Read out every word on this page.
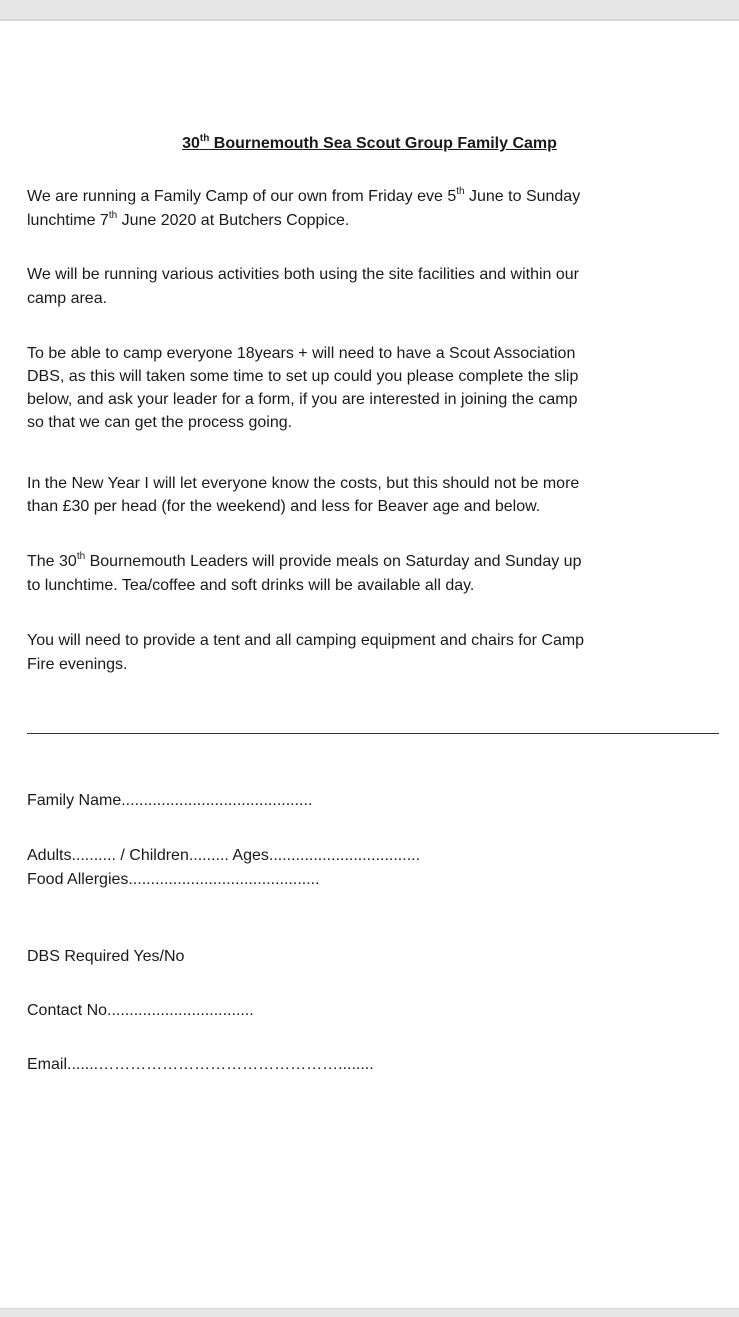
30th Bournemouth Sea Scout Group Family Camp
We are running a Family Camp of our own from Friday eve 5th June to Sunday
lunchtime 7th June 2020 at Butchers Coppice.
We will be running various activities both using the site facilities and within our
camp area.
To be able to camp everyone 18years + will need to have a Scout Association
DBS, as this will taken some time to set up could you please complete the slip
below, and ask your leader for a form, if you are interested in joining the camp
so that we can get the process going.
In the New Year I will let everyone know the costs, but this should not be more
than £30 per head (for the weekend) and less for Beaver age and below.
The 30th Bournemouth Leaders will provide meals on Saturday and Sunday up
to lunchtime. Tea/coffee and soft drinks will be available all day.
You will need to provide a tent and all camping equipment and chairs for Camp
Fire evenings.
Family Name...........................................
Adults.......... / Children......... Ages..................................
Food Allergies...........................................
DBS Required Yes/No
Contact No.................................
Email.......………………………………………........
